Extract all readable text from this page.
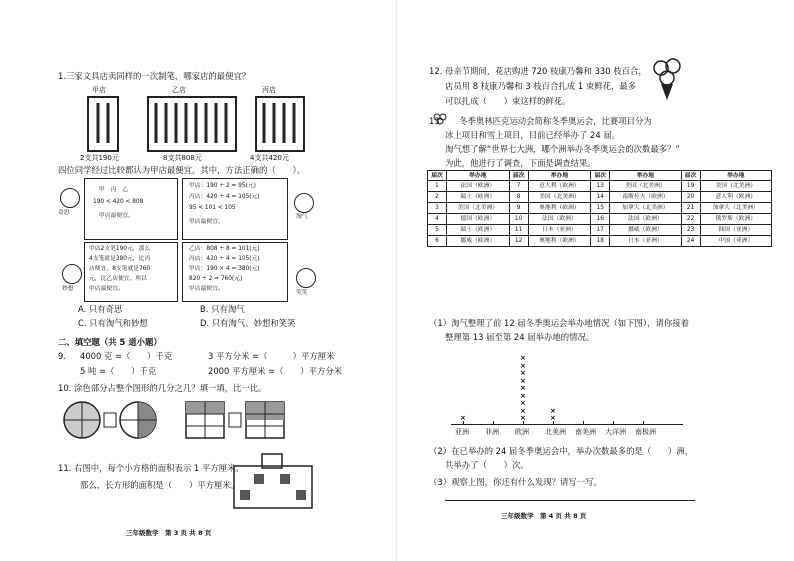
1.三家文具店卖同样的一次制笔，哪家店的最便宜？
甲店	乙店	丙店
2支共190元	8支共808元	4支共420元
四位同学经过比较都认为甲店最便宜。其中，方法正确的（　　）。
奇思
淘气
妙想
笑笑
甲　丙　乙
190 < 420 < 808
甲店最便宜。
甲店：190 ÷ 2 = 95(元)
丙店：420 ÷ 4 = 105(元)
95 < 101 < 105
甲店最便宜。
甲店2支笔190元，那么
4支笔就是380元，比丙
店便宜，8支笔就是760
元，比乙店便宜。所以
甲店最便宜。
乙店：808 ÷ 8 = 101(元)
丙店：420 ÷ 4 = 105(元)
甲店：190 × 4 = 380(元)
820 ÷ 2 = 760(元)
甲店最便宜。
A. 只有奇思	B. 只有淘气
C. 只有淘气和妙想	D. 只有淘气、妙想和笑笑
二、填空题（共 5 道小题）
9. 4000 克 =（　　）千克	3 平方分米 =（　　　）平方厘米
5 吨 =（　　）千克	2000 平方厘米 =（　　）平方分米
10. 涂色部分占整个图形的几分之几？填一填，比一比。
11. 右图中，每个小方格的面积表示 1 平方厘米。
那么，长方形的面积是（　　）平方厘米。
三年级数学　第 3 页 共 8 页
12. 母亲节期间，花店购进 720 枝康乃馨和 330 枝百合，
店员用 8 枝康乃馨和 3 枝百合扎成 1 束鲜花，最多
可以扎成（　　）束这样的鲜花。
13.　　冬季奥林匹克运动会简称冬季奥运会，比赛项目分为
冰上项目和雪上项目，目前已经举办了 24 届。
淘气想了解“世界七大洲，哪个洲举办冬季奥运会的次数最多？”
为此，他进行了调查，下面是调查结果。
届次	举办地	届次	举办地	届次	举办地	届次	举办地
1	法国（欧洲）	7	意大利（欧洲）	13	美国（北美洲）	19	美国（北美洲）
2	瑞士（欧洲）	8	美国（北美洲）	14	南斯拉夫（欧洲）	20	意大利（欧洲）
3	美国（北美洲）	9	奥地利（欧洲）	15	加拿大（北美洲）	21	加拿大（北美洲）
4	德国（欧洲）	10	法国（欧洲）	16	法国（欧洲）	22	俄罗斯（欧洲）
5	瑞士（欧洲）	11	日本（亚洲）	17	挪威（欧洲）	23	韩国（亚洲）
6	挪威（欧洲）	12	奥地利（欧洲）	18	日本（亚洲）	24	中国（亚洲）
（1）淘气整理了前 12 届冬季奥运会举办地情况（如下图），请你接着
整理第 13 届至第 24 届举办地的情况。
亚洲
×
非洲 欧洲
×
×
×
×
×
×
×
×
×
北美洲
×
×
南美洲 大洋洲 南极洲
（2）在已举办的 24 届冬季奥运会中，举办次数最多的是（　　）洲，
共举办了（　　）次。
（3）观察上图，你还有什么发现？请写一写。
三年级数学　第 4 页 共 8 页
